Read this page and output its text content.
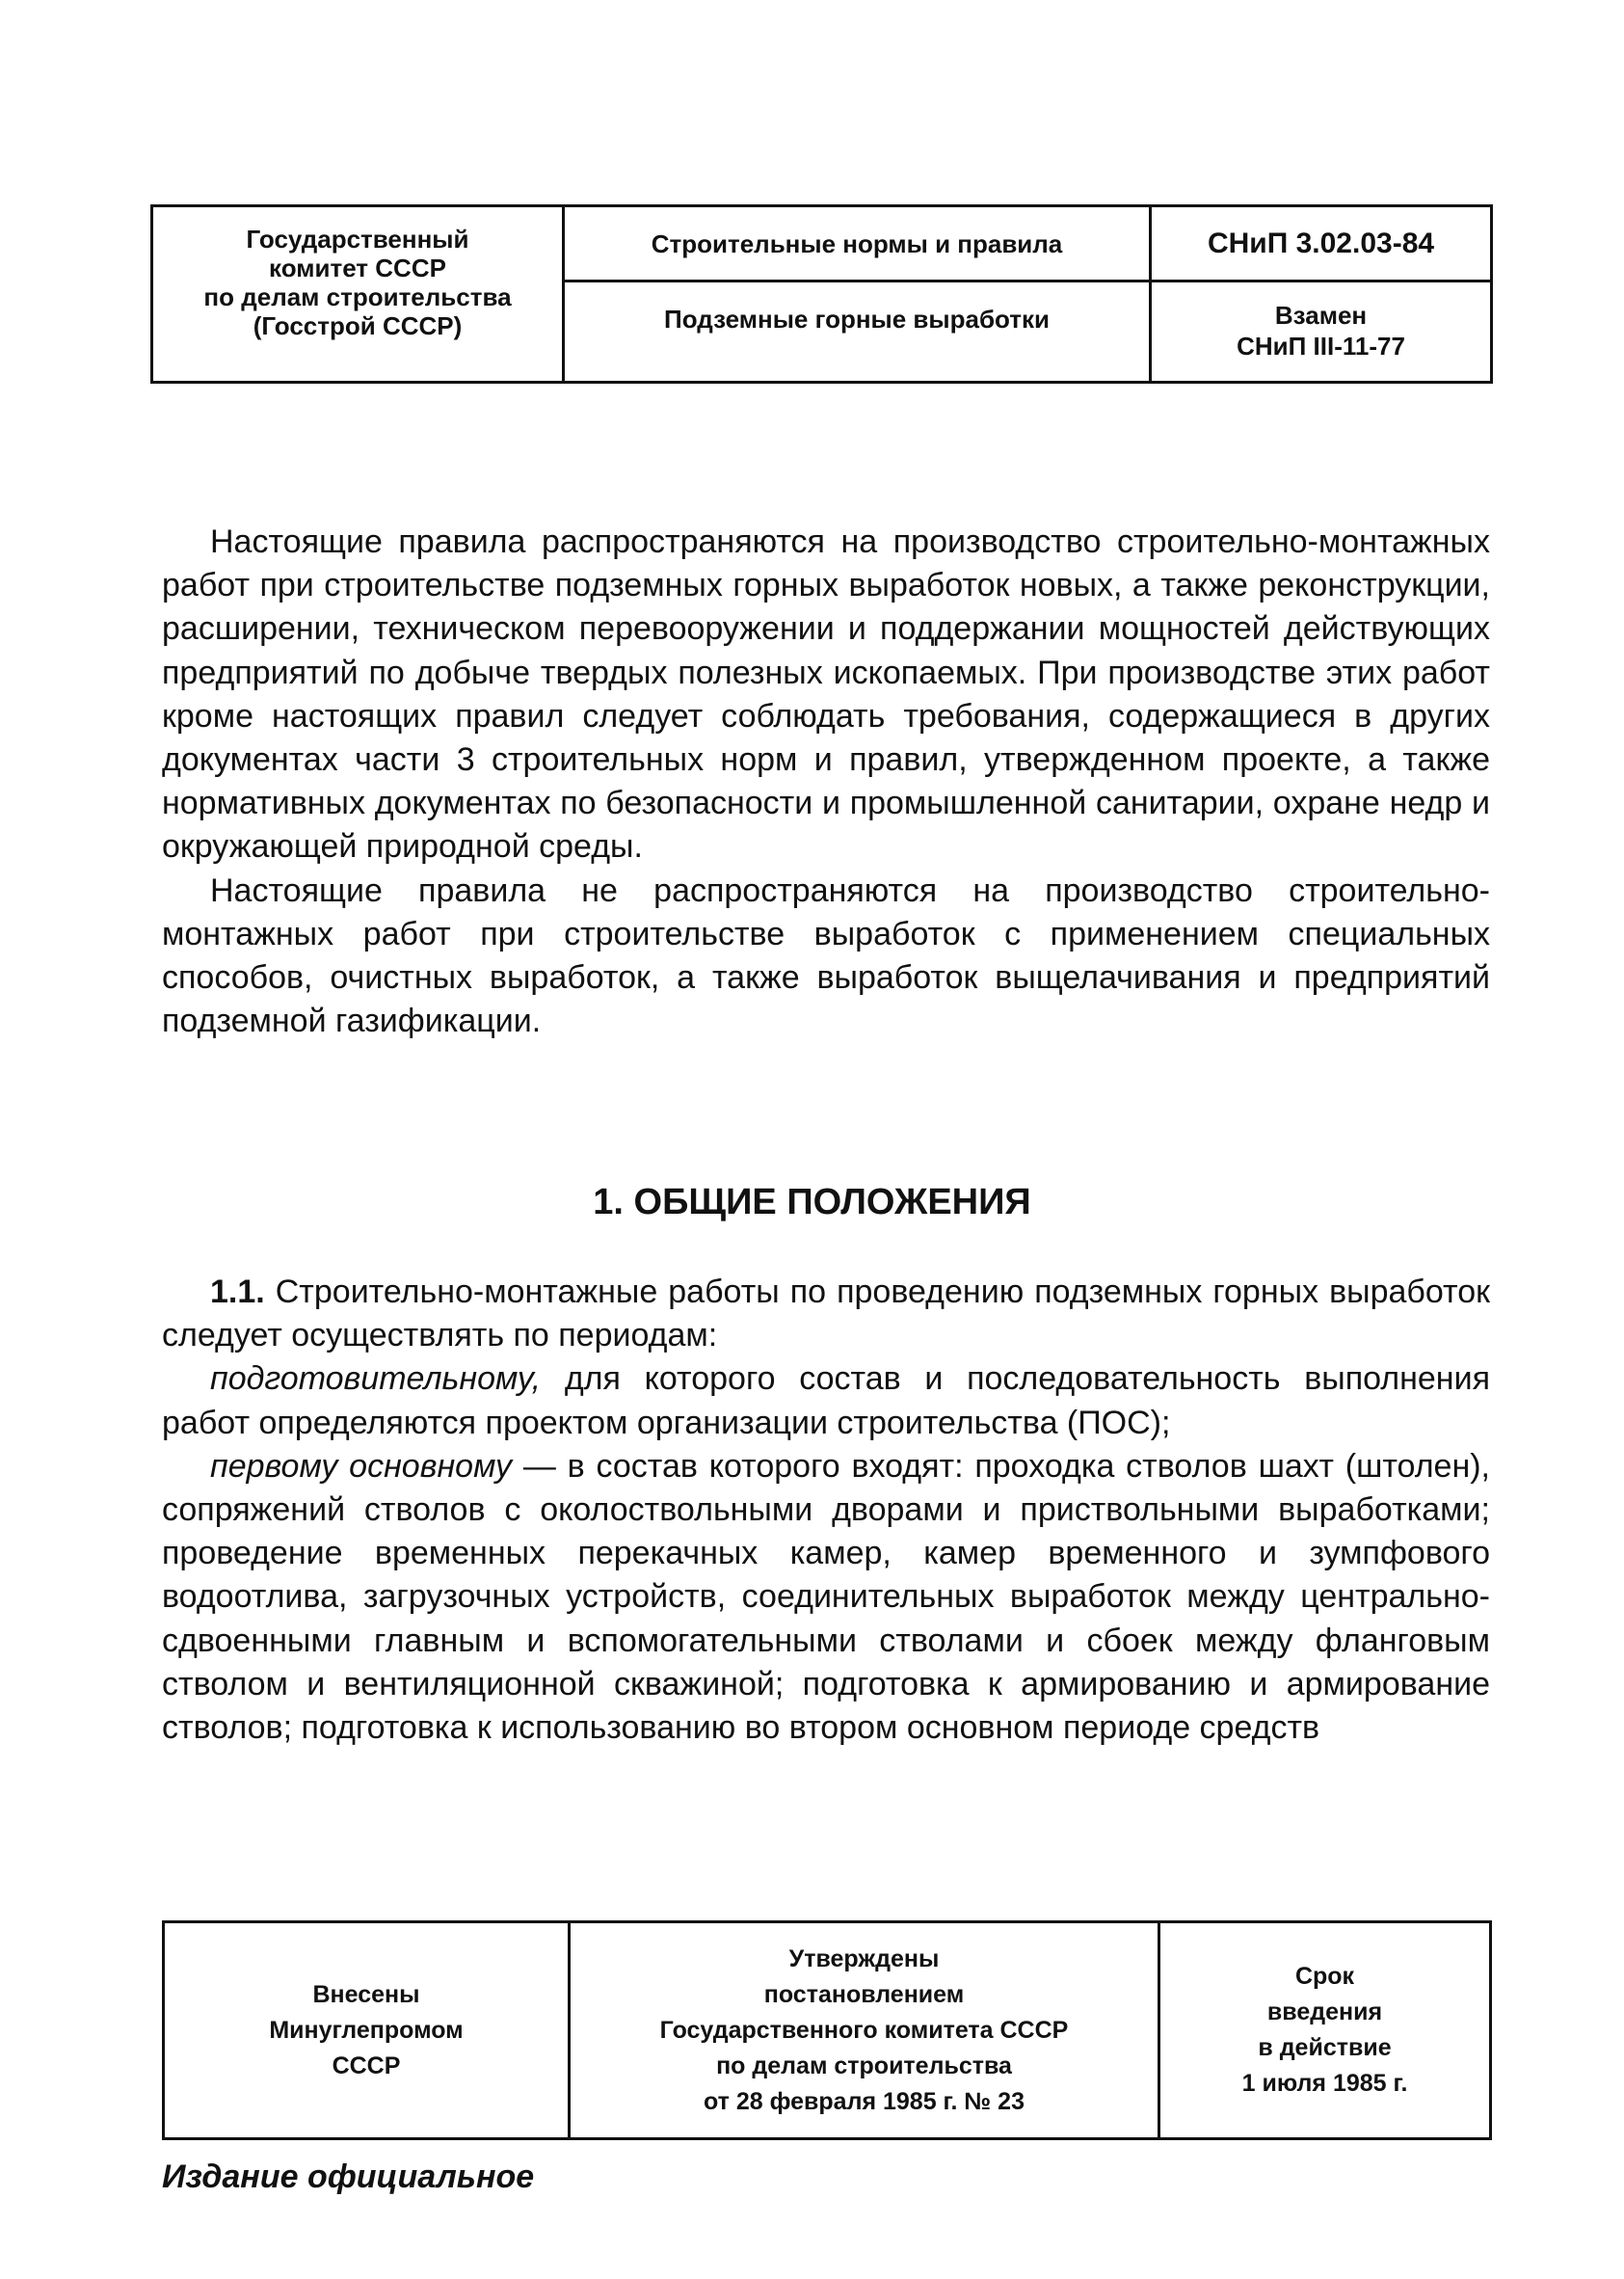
Государственный
комитет СССР
по делам строительства
(Госстрой СССР)
Строительные нормы и правила
Подземные горные выработки
СНиП 3.02.03-84
Взамен
СНиП III-11-77

Настоящие правила распространяются на производство строительно-монтажных работ при строительстве подземных горных выработок новых, а также реконструкции, расширении, техническом перевооружении и поддержании мощностей действующих предприятий по добыче твердых полезных ископаемых. При производстве этих работ кроме настоящих правил следует соблюдать требования, содержащиеся в других документах части 3 строительных норм и правил, утвержденном проекте, а также нормативных документах по безопасности и промышленной санитарии, охране недр и окружающей природной среды.

Настоящие правила не распространяются на производство строительно-монтажных работ при строительстве выработок с применением специальных способов, очистных выработок, а также выработок выщелачивания и предприятий подземной газификации.

1. ОБЩИЕ ПОЛОЖЕНИЯ

1.1. Строительно-монтажные работы по проведению подземных горных выработок следует осуществлять по периодам:

подготовительному, для которого состав и последовательность выполнения работ определяются проектом организации строительства (ПОС);

первому основному — в состав которого входят: проходка стволов шахт (штолен), сопряжений стволов с околоствольными дворами и приствольными выработками; проведение временных перекачных камер, камер временного и зумпфового водоотлива, загрузочных устройств, соединительных выработок между центрально-сдвоенными главным и вспомогательными стволами и сбоек между фланговым стволом и вентиляционной скважиной; подготовка к армированию и армирование стволов; подготовка к использованию во втором основном периоде средств

Внесены
Минуглепромом
СССР
Утверждены
постановлением
Государственного комитета СССР
по делам строительства
от 28 февраля 1985 г. № 23
Срок
введения
в действие
1 июля 1985 г.
Издание официальное
